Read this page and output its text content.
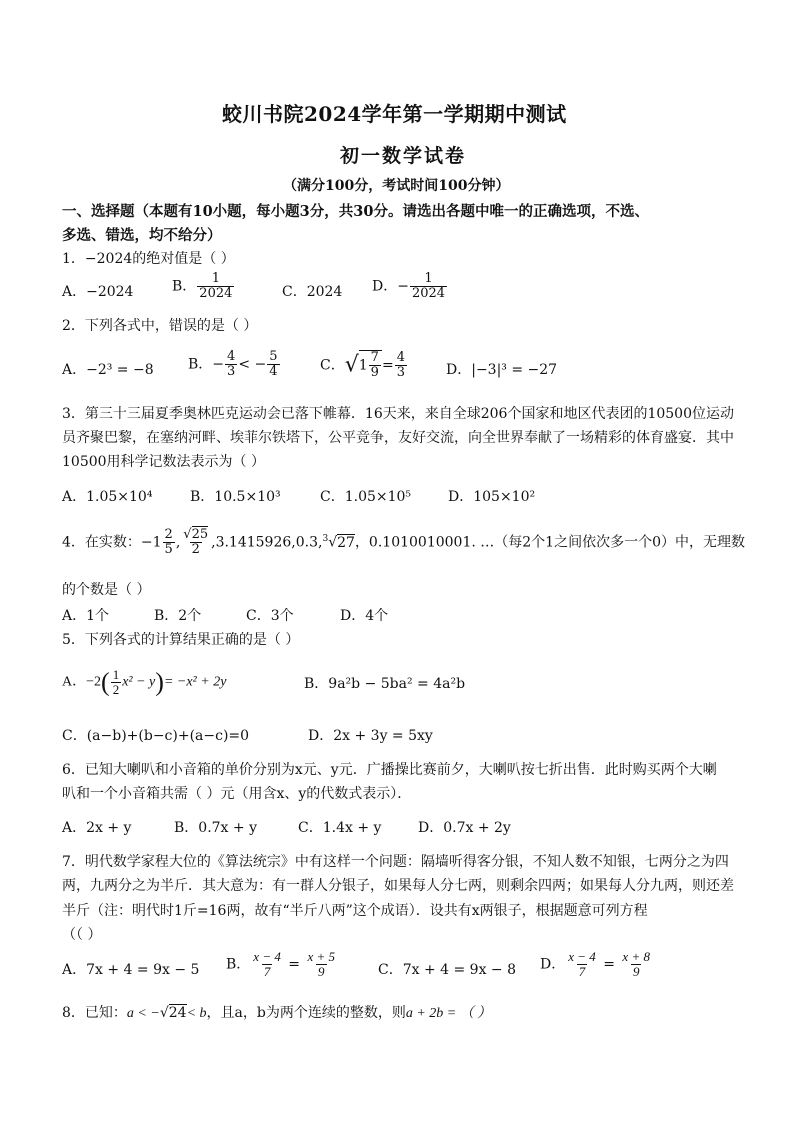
蛟川书院2024学年第一学期期中测试
初一数学试卷
（满分100分，考试时间100分钟）
一、选择题（本题有10小题，每小题3分，共30分。请选出各题中唯一的正确选项，不选、
多选、错选，均不给分）
1．−2024的绝对值是（ ）
A．−2024	B． $\frac{1}{2024}$	C．2024 D．− $\frac{1}{2024}$
2．下列各式中，错误的是（ ）
A．−2³ = −8 B．− $\frac{4}{3}$ < − $\frac{5}{4}$	C．$√1 \frac{7}{9} = \frac{4}{3}$	D．|−3|³ = −27
3．第三十三届夏季奥林匹克运动会已落下帷幕．16天来，来自全球206个国家和地区代表团的10500位运动
员齐聚巴黎，在塞纳河畔、埃菲尔铁塔下，公平竞争，友好交流，向全世界奉献了一场精彩的体育盛宴．其中
10500用科学记数法表示为（ ）
A．1.05×10⁴	B．10.5×10³	C．1.05×10⁵	D．105×10²
4．在实数：$-1 \frac{2}{5}$ , $\frac{√25}{2} ,3.1415926,0.3,^3√27$，0.1010010001. …（每2个1之间依次多一个0）中，无理数
的个数是（ ）
A．1个	B．2个	C．3个	D．4个
5．下列各式的计算结果正确的是（ ）
A．$-2( \frac{1}{2} x^2 - y)= -x^2 + 2y$	B．9a²b − 5ba² = 4a²b
C．(a−b)+(b−c)+(a−c)=0	D．2x + 3y = 5xy
6．已知大喇叭和小音箱的单价分别为x元、y元．广播操比赛前夕，大喇叭按七折出售．此时购买两个大喇
叭和一个小音箱共需（ ）元（用含x、y的代数式表示）．
A．2x + y	B．0.7x + y	C．1.4x + y	D．0.7x + 2y
7．明代数学家程大位的《算法统宗》中有这样一个问题：隔墙听得客分银，不知人数不知银，七两分之为四
两，九两分之为半斤．其大意为：有一群人分银子，如果每人分七两，则剩余四两；如果每人分九两，则还差
半斤（注：明代时1斤=16两，故有“半斤八两”这个成语）．设共有x两银子，根据题意可列方程
（（ ）
A．7x + 4 = 9x − 5 B． $\frac{x - 4}{7} = \frac{x + 5}{9}$	C．7x + 4 = 9x − 8 D． $\frac{x - 4}{7} = \frac{x + 8}{9}$
8．已知：a < −√24< b，且a，b为两个连续的整数，则a + 2b = （ ）
